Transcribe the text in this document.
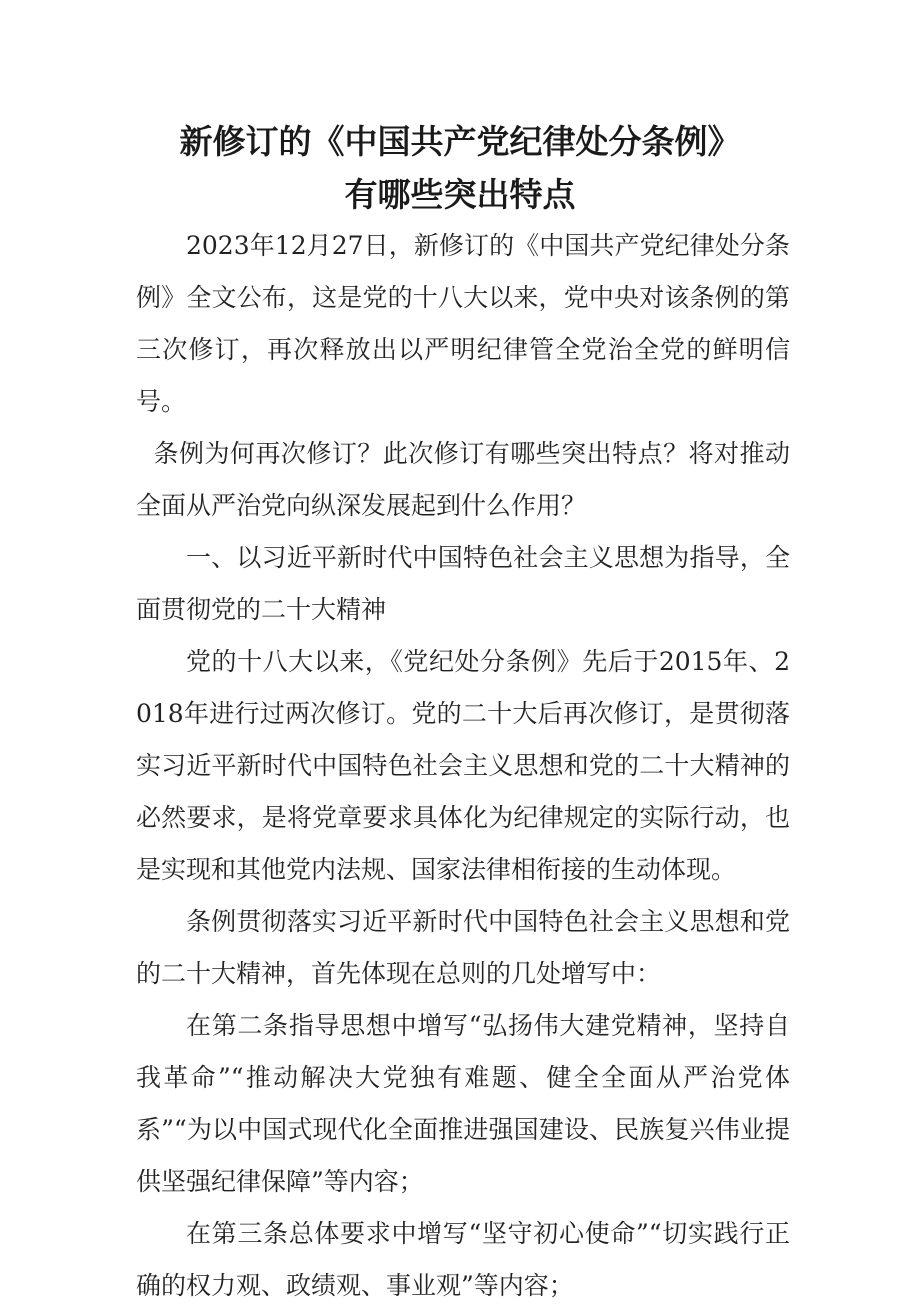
新修订的《中国共产党纪律处分条例》
有哪些突出特点

2023年12月27日，新修订的《中国共产党纪律处分条例》全文公布，这是党的十八大以来，党中央对该条例的第三次修订，再次释放出以严明纪律管全党治全党的鲜明信号。

条例为何再次修订？此次修订有哪些突出特点？将对推动全面从严治党向纵深发展起到什么作用？

一、以习近平新时代中国特色社会主义思想为指导，全面贯彻党的二十大精神

党的十八大以来，《党纪处分条例》先后于2015年、2018年进行过两次修订。党的二十大后再次修订，是贯彻落实习近平新时代中国特色社会主义思想和党的二十大精神的必然要求，是将党章要求具体化为纪律规定的实际行动，也是实现和其他党内法规、国家法律相衔接的生动体现。

条例贯彻落实习近平新时代中国特色社会主义思想和党的二十大精神，首先体现在总则的几处增写中：

在第二条指导思想中增写“弘扬伟大建党精神，坚持自我革命”“推动解决大党独有难题、健全全面从严治党体系”“为以中国式现代化全面推进强国建设、民族复兴伟业提供坚强纪律保障”等内容；

在第三条总体要求中增写“坚守初心使命”“切实践行正确的权力观、政绩观、事业观”等内容；
